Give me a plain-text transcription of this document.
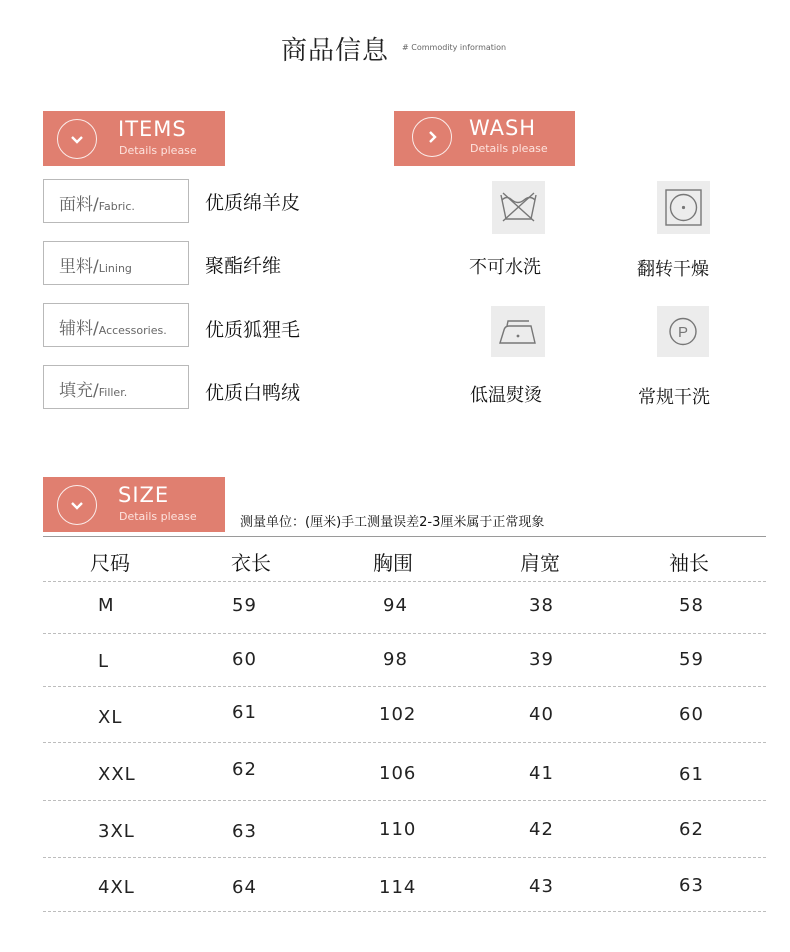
商品信息 # Commodity information
ITEMS
Details please
WASH
Details please
面料/Fabric.	优质绵羊皮
里料/Lining	聚酯纤维
辅料/Accessories. 优质狐狸毛
填充/Filler.	优质白鸭绒
不可水洗	翻转干燥
低温熨烫
P
常规干洗
SIZE
Details please	测量单位：(厘米)手工测量误差2-3厘米属于正常现象
尺码	衣长	胸围	肩宽	袖长
M	59	94	38	58
L	60	98	39	59
XL	61	102	40	60
XXL	62	106	41	61
3XL	63	110	42	62
4XL	64	114	43	63
